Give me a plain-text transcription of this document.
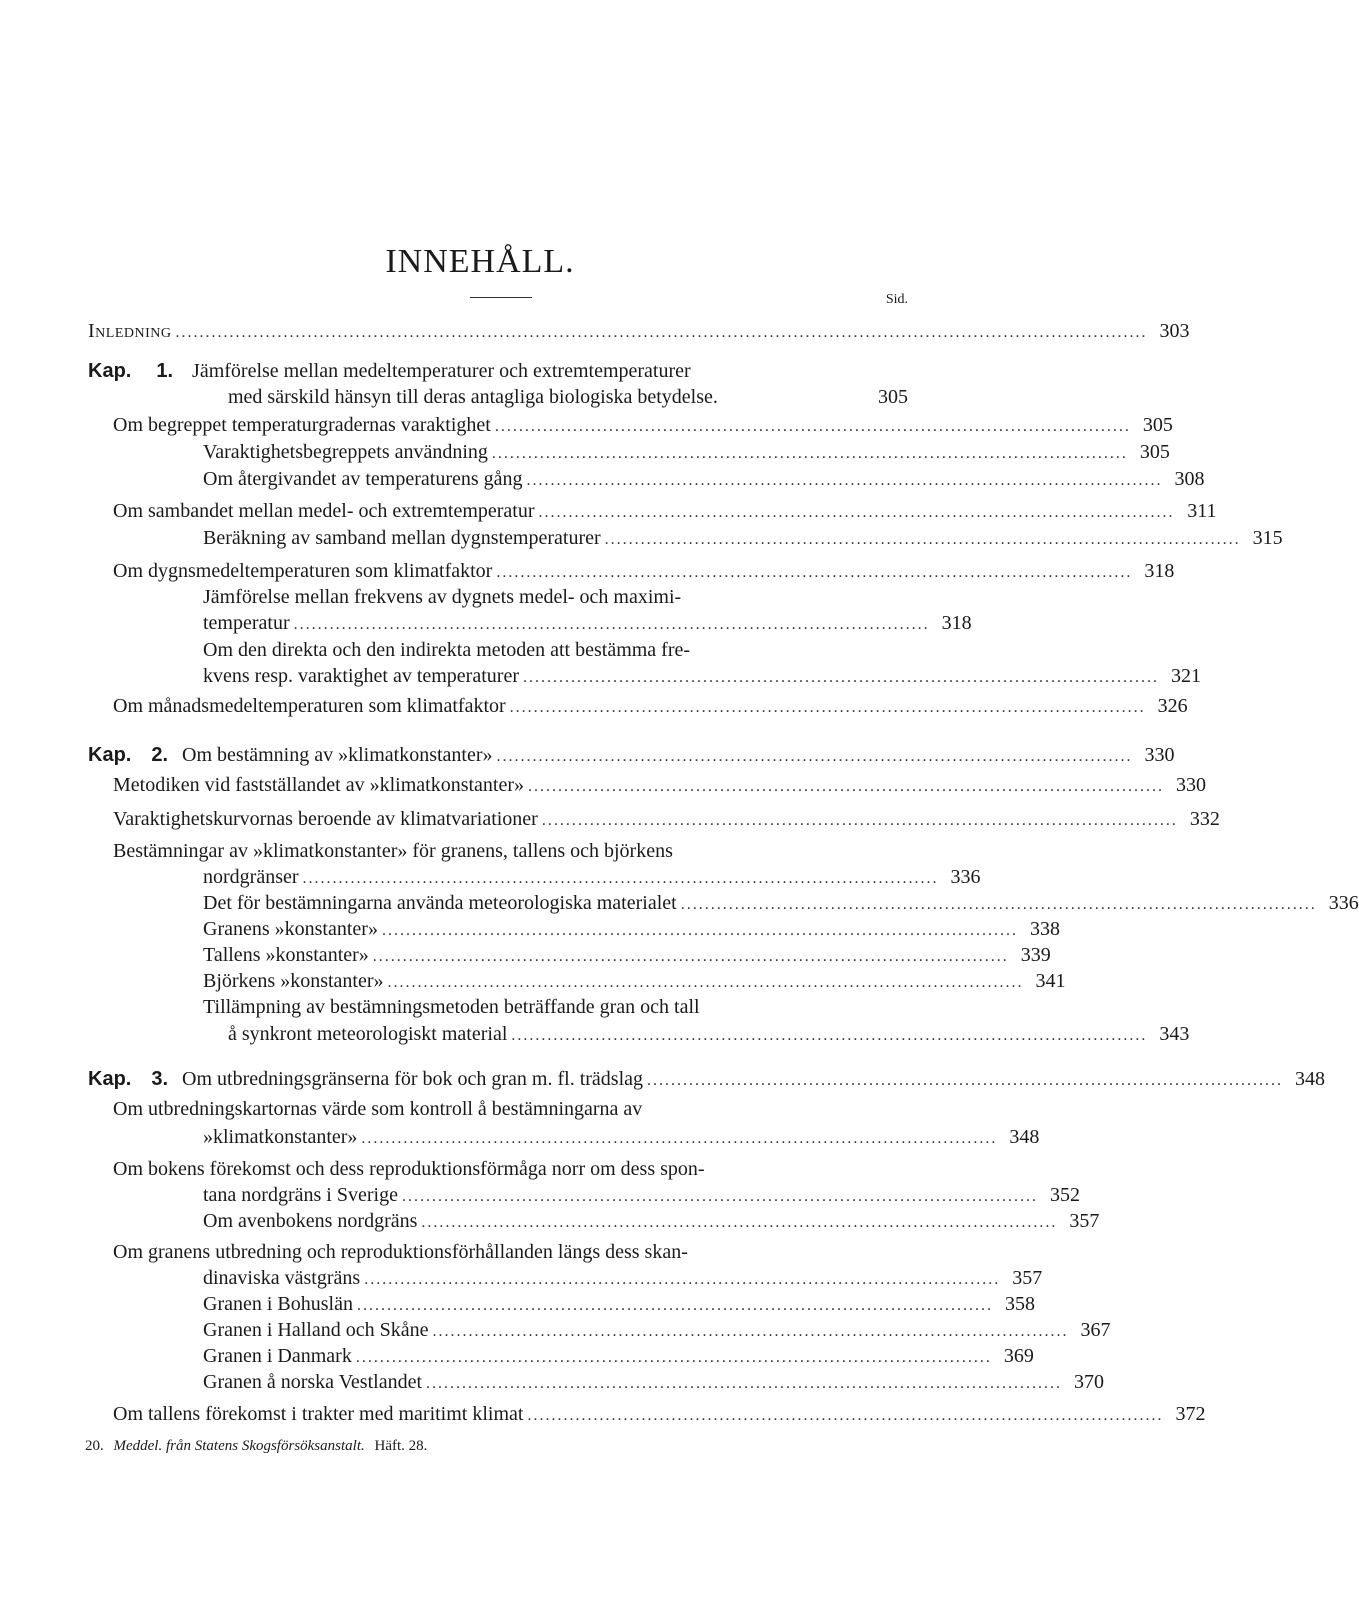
INNEHÅLL.
Sid.
Inledning .................................................................................................................................................................. 303
Kap. 1. Jämförelse mellan medeltemperaturer och extremtemperaturer
med särskild hänsyn till deras antagliga biologiska betydelse.	305
Om begreppet temperaturgradernas varaktighet .......................................................................................................... 305
Varaktighetsbegreppets användning .......................................................................................................... 305
Om återgivandet av temperaturens gång .......................................................................................................... 308
Om sambandet mellan medel- och extremtemperatur .......................................................................................................... 311
Beräkning av samband mellan dygnstemperaturer .......................................................................................................... 315
Om dygnsmedeltemperaturen som klimatfaktor .......................................................................................................... 318
Jämförelse mellan frekvens av dygnets medel- och maximi-
temperatur .......................................................................................................... 318
Om den direkta och den indirekta metoden att bestämma fre-
kvens resp. varaktighet av temperaturer .......................................................................................................... 321
Om månadsmedeltemperaturen som klimatfaktor .......................................................................................................... 326
Kap. 2. Om bestämning av »klimatkonstanter» .......................................................................................................... 330
Metodiken vid fastställandet av »klimatkonstanter» .......................................................................................................... 330
Varaktighetskurvornas beroende av klimatvariationer .......................................................................................................... 332
Bestämningar av »klimatkonstanter» för granens, tallens och björkens
nordgränser .......................................................................................................... 336
Det för bestämningarna använda meteorologiska materialet .......................................................................................................... 336
Granens »konstanter» .......................................................................................................... 338
Tallens »konstanter» .......................................................................................................... 339
Björkens »konstanter» .......................................................................................................... 341
Tillämpning av bestämningsmetoden beträffande gran och tall
å synkront meteorologiskt material .......................................................................................................... 343
Kap. 3. Om utbredningsgränserna för bok och gran m. fl. trädslag .......................................................................................................... 348
Om utbredningskartornas värde som kontroll å bestämningarna av
»klimatkonstanter» .......................................................................................................... 348
Om bokens förekomst och dess reproduktionsförmåga norr om dess spon-
tana nordgräns i Sverige .......................................................................................................... 352
Om avenbokens nordgräns .......................................................................................................... 357
Om granens utbredning och reproduktionsförhållanden längs dess skan-
dinaviska västgräns .......................................................................................................... 357
Granen i Bohuslän .......................................................................................................... 358
Granen i Halland och Skåne .......................................................................................................... 367
Granen i Danmark .......................................................................................................... 369
Granen å norska Vestlandet .......................................................................................................... 370
Om tallens förekomst i trakter med maritimt klimat .......................................................................................................... 372
20. Meddel. från Statens Skogsförsöksanstalt. Häft. 28.
